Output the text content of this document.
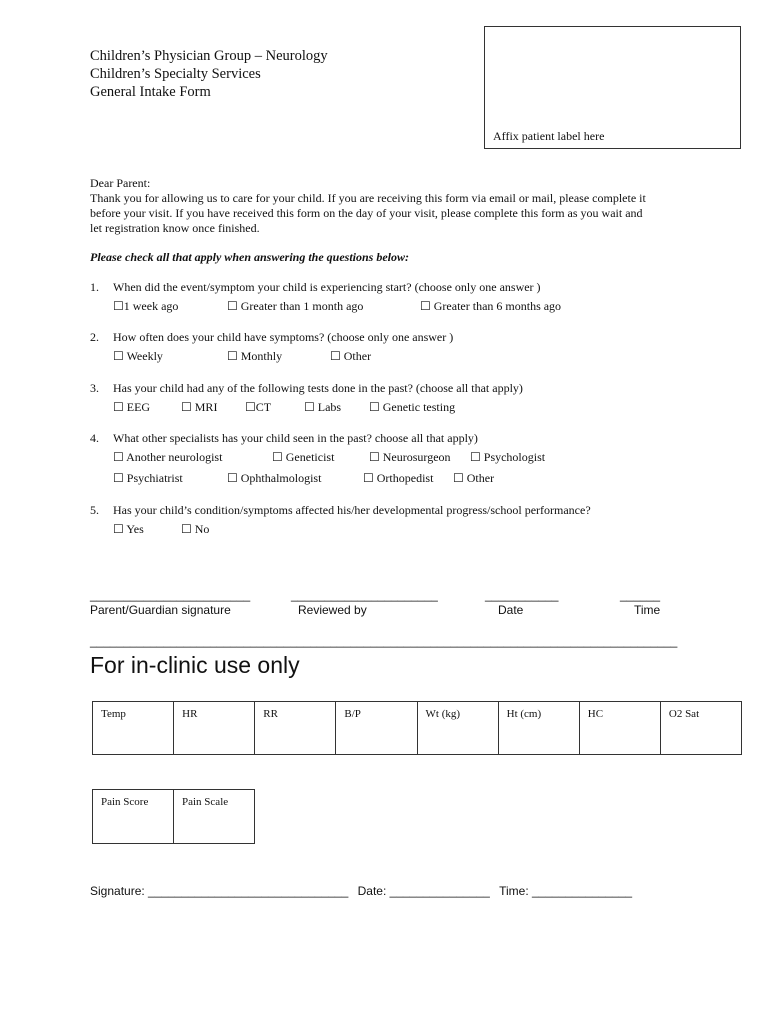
Children’s Physician Group – Neurology
Children’s Specialty Services
General Intake Form
Affix patient label here
Dear Parent:
Thank you for allowing us to care for your child. If you are receiving this form via email or mail, please complete it
before your visit. If you have received this form on the day of your visit, please complete this form as you wait and
let registration know once finished.
Please check all that apply when answering the questions below:
1. When did the event/symptom your child is experiencing start? (choose only one answer )
☐1 week ago	☐ Greater than 1 month ago	☐ Greater than 6 months ago
2. How often does your child have symptoms? (choose only one answer )
☐ Weekly	☐ Monthly	☐ Other
3. Has your child had any of the following tests done in the past? (choose all that apply)
☐ EEG	☐ MRI ☐CT	☐ Labs ☐ Genetic testing
4. What other specialists has your child seen in the past? choose all that apply)
☐ Another neurologist	☐ Geneticist	☐ Neurosurgeon ☐ Psychologist
☐ Psychiatrist	☐ Ophthalmologist	☐ Orthopedist ☐ Other
5. Has your child’s condition/symptoms affected his/her developmental progress/school performance?
☐ Yes	☐ No
________________________	______________________	___________	______
Parent/Guardian signature	Reviewed by	Date	Time
________________________________________________________________________________________
For in-clinic use only
Temp	HR	RR	B/P	Wt (kg)	Ht (cm)	HC	O2 Sat
Pain Score	Pain Scale
Signature: ______________________________ Date: _______________ Time: _______________
